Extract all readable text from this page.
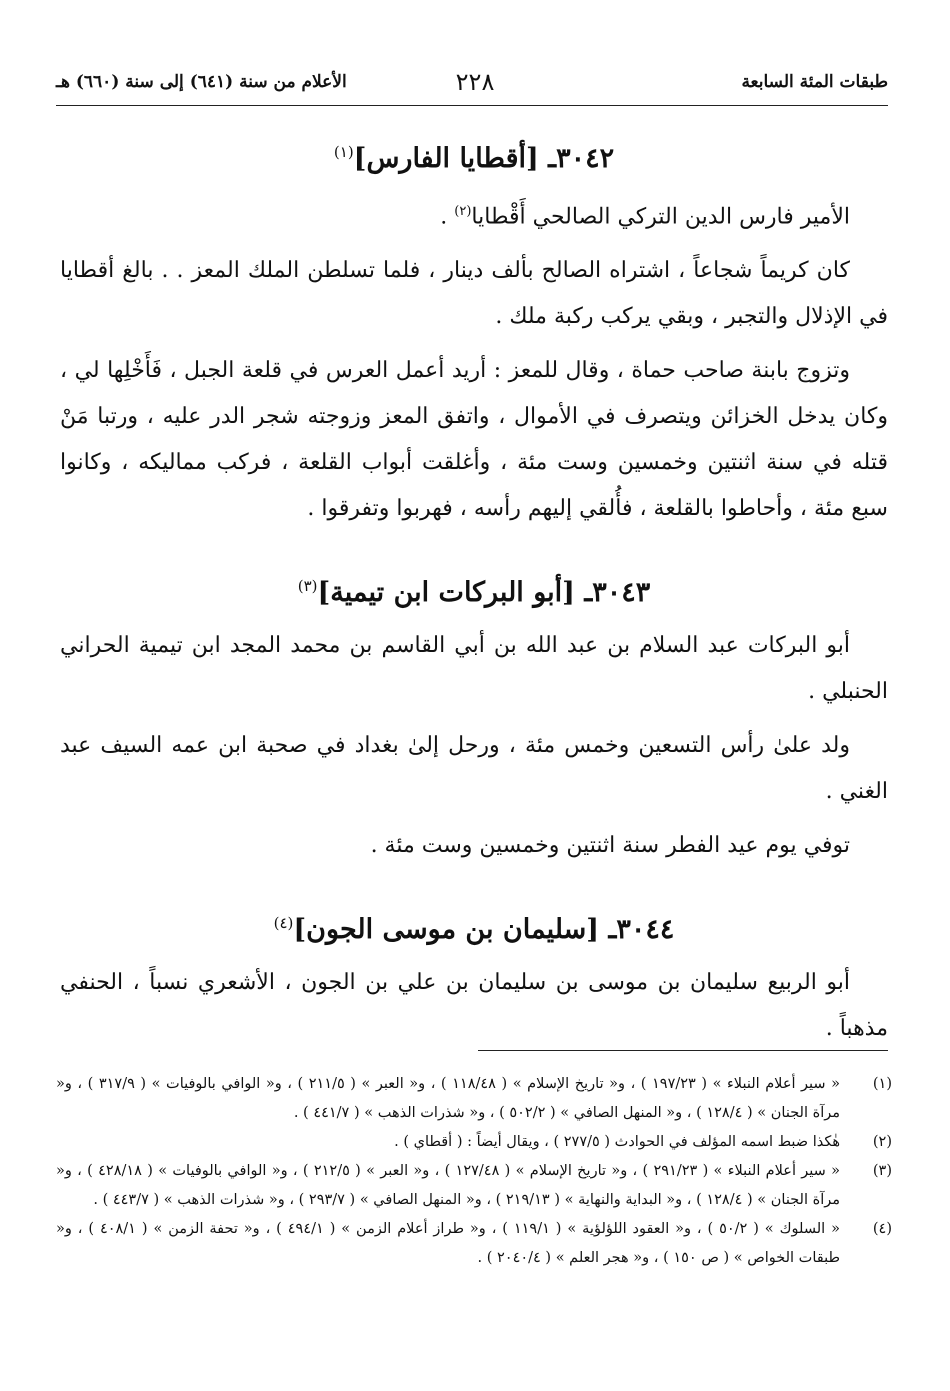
طبقات المئة السابعة
٢٢٨
الأعلام من سنة (٦٤١) إلى سنة (٦٦٠) هـ
٣٠٤٢ـ [أقطايا الفارس]$^{(١)}$

الأمير فارس الدين التركي الصالحي أَقْطايا$^{(٢)}$ .

كان كريماً شجاعاً ، اشتراه الصالح بألف دينار ، فلما تسلطن الملك المعز . . بالغ أقطايا في الإذلال والتجبر ، وبقي يركب ركبة ملك .

وتزوج بابنة صاحب حماة ، وقال للمعز : أريد أعمل العرس في قلعة الجبل ، فَأَخْلِها لي ، وكان يدخل الخزائن ويتصرف في الأموال ، واتفق المعز وزوجته شجر الدر عليه ، ورتبا مَنْ قتله في سنة اثنتين وخمسين وست مئة ، وأغلقت أبواب القلعة ، فركب مماليكه ، وكانوا سبع مئة ، وأحاطوا بالقلعة ، فأُلقي إليهم رأسه ، فهربوا وتفرقوا .

٣٠٤٣ـ [أبو البركات ابن تيمية]$^{(٣)}$

أبو البركات عبد السلام بن عبد الله بن أبي القاسم بن محمد المجد ابن تيمية الحراني الحنبلي .

ولد علىٰ رأس التسعين وخمس مئة ، ورحل إلىٰ بغداد في صحبة ابن عمه السيف عبد الغني .

توفي يوم عيد الفطر سنة اثنتين وخمسين وست مئة .

٣٠٤٤ـ [سليمان بن موسى الجون]$^{(٤)}$

أبو الربيع سليمان بن موسى بن سليمان بن علي بن الجون ، الأشعري نسباً ، الحنفي مذهباً .

(١)
« سير أعلام النبلاء » ( ١٩٧/٢٣ ) ، و« تاريخ الإسلام » ( ١١٨/٤٨ ) ، و« العبر » ( ٢١١/٥ ) ، و« الوافي بالوفيات » ( ٣١٧/٩ ) ، و« مرآة الجنان » ( ١٢٨/٤ ) ، و« المنهل الصافي » ( ٥٠٢/٢ ) ، و« شذرات الذهب » ( ٤٤١/٧ ) .
(٢)
هٰكذا ضبط اسمه المؤلف في الحوادث ( ٢٧٧/٥ ) ، ويقال أيضاً : ( أقطاي ) .
(٣)
« سير أعلام النبلاء » ( ٢٩١/٢٣ ) ، و« تاريخ الإسلام » ( ١٢٧/٤٨ ) ، و« العبر » ( ٢١٢/٥ ) ، و« الوافي بالوفيات » ( ٤٢٨/١٨ ) ، و« مرآة الجنان » ( ١٢٨/٤ ) ، و« البداية والنهاية » ( ٢١٩/١٣ ) ، و« المنهل الصافي » ( ٢٩٣/٧ ) ، و« شذرات الذهب » ( ٤٤٣/٧ ) .
(٤)
« السلوك » ( ٥٠/٢ ) ، و« العقود اللؤلؤية » ( ١١٩/١ ) ، و« طراز أعلام الزمن » ( ٤٩٤/١ ) ، و« تحفة الزمن » ( ٤٠٨/١ ) ، و« طبقات الخواص » ( ص ١٥٠ ) ، و« هجر العلم » ( ٢٠٤٠/٤ ) .
